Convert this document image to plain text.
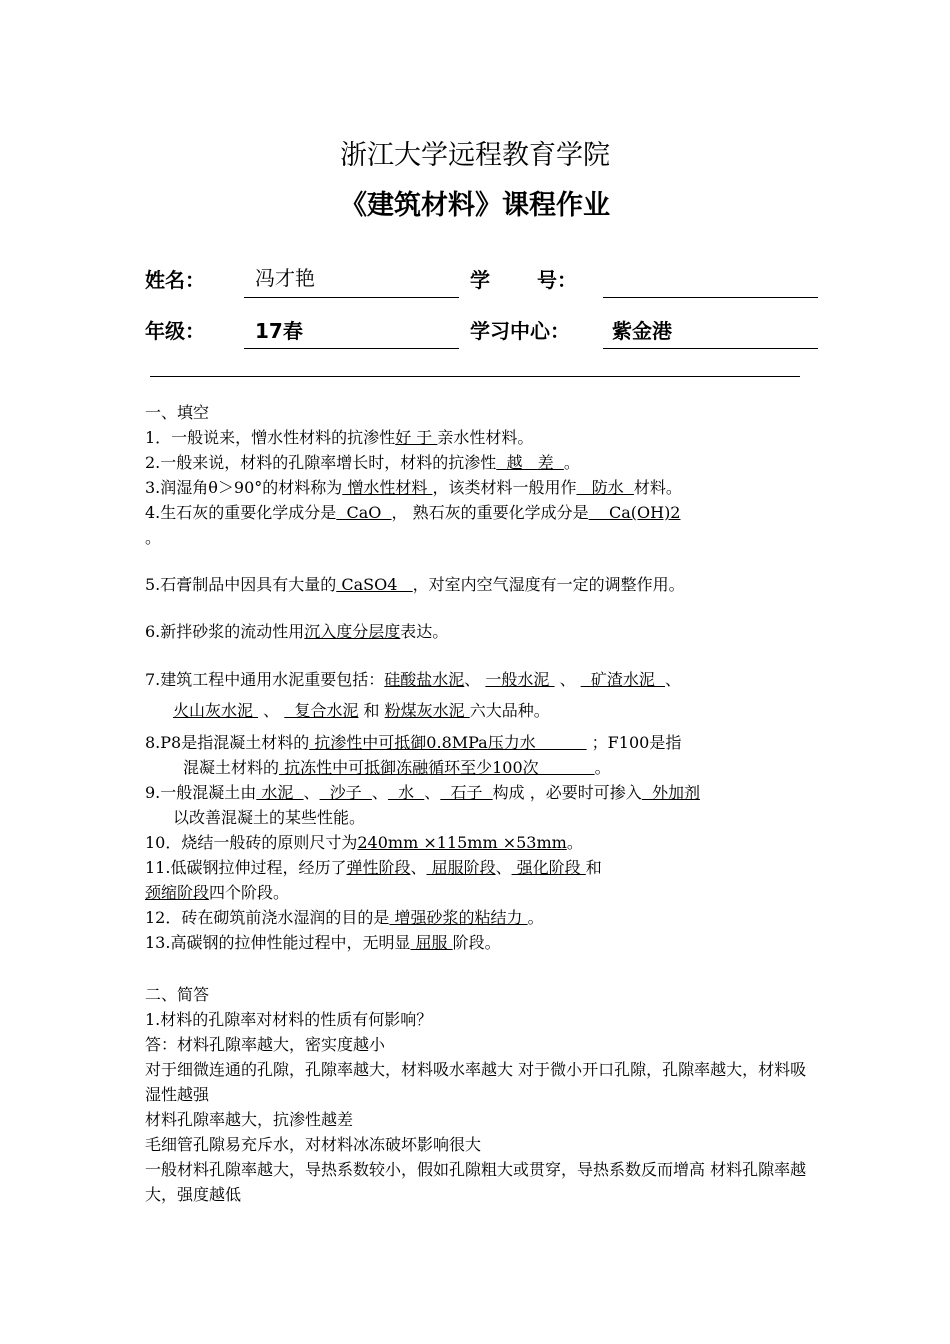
浙江大学远程教育学院
《建筑材料》课程作业
姓名：	冯才艳	学 号：
年级：	17春	学习中心： 紫金港
一、填空
1．一般说来，憎水性材料的抗渗性好 于 亲水性材料。
2.一般来说，材料的孔隙率增长时，材料的抗渗性  越   差  。
3.润湿角θ＞90°的材料称为 憎水性材料 ，该类材料一般用作   防水  材料。
4.生石灰的重要化学成分是  CaO  ， 熟石灰的重要化学成分是    Ca(OH)2
。
5.石膏制品中因具有大量的 CaSO4   ，对室内空气湿度有一定的调整作用。
6.新拌砂浆的流动性用沉入度分层度表达。
7.建筑工程中通用水泥重要包括：硅酸盐水泥、 一般水泥  、   矿渣水泥  、
火山灰水泥  、   复合水泥 和 粉煤灰水泥 六大品种。
8.P8是指混凝土材料的 抗渗性中可抵御0.8MPa压力水           ；F100是指
混凝土材料的 抗冻性中可抵御冻融循环至少100次           。
9.一般混凝土由 水泥  、  沙子  、  水  、  石子  构成 ，必要时可掺入  外加剂
以改善混凝土的某些性能。
10．烧结一般砖的原则尺寸为240mm ×115mm ×53mm。
11.低碳钢拉伸过程，经历了弹性阶段、 屈服阶段、 强化阶段 和
颈缩阶段四个阶段。
12．砖在砌筑前浇水湿润的目的是 增强砂浆的粘结力 。
13.高碳钢的拉伸性能过程中，无明显 屈服 阶段。
二、简答
1.材料的孔隙率对材料的性质有何影响？
答：材料孔隙率越大，密实度越小
对于细微连通的孔隙，孔隙率越大，材料吸水率越大 对于微小开口孔隙，孔隙率越大，材料吸湿性越强
材料孔隙率越大，抗渗性越差
毛细管孔隙易充斥水，对材料冰冻破坏影响很大
一般材料孔隙率越大，导热系数较小，假如孔隙粗大或贯穿，导热系数反而增高 材料孔隙率越大，强度越低
